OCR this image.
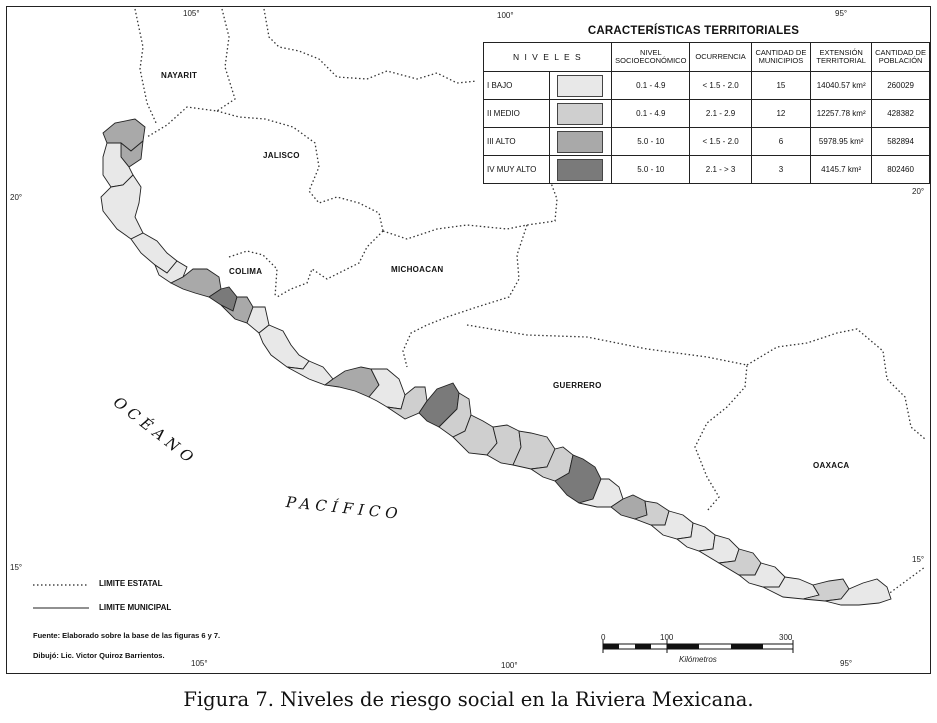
105°	100°	95°
105°	100°	95°
20°
20°
15°
15°
NAYARIT
JALISCO
COLIMA	MICHOACAN
GUERRERO
OAXACA
OCÉANO
PACÍFICO
CARACTERÍSTICAS TERRITORIALES
N I V E L E S		NIVEL SOCIOECONÓMICO	OCURRENCIA	CANTIDAD DE MUNICIPIOS	EXTENSIÓN TERRITORIAL	CANTIDAD DE POBLACIÓN
I BAJO		0.1 - 4.9	< 1.5 - 2.0	15	14040.57 km²	260029
II MEDIO		0.1 - 4.9	2.1 - 2.9	12	12257.78 km²	428382
III ALTO		5.0 - 10	< 1.5 - 2.0	6	5978.95 km²	582894
IV MUY ALTO		5.0 - 10	2.1 - > 3	3	4145.7 km²	802460
LIMITE ESTATAL
LIMITE MUNICIPAL
Fuente: Elaborado sobre la base de las figuras 6 y 7.
Dibujó: Lic. Victor Quiroz Barrientos.
0	100	300
Kilómetros
Figura 7. Niveles de riesgo social en la Riviera Mexicana.
